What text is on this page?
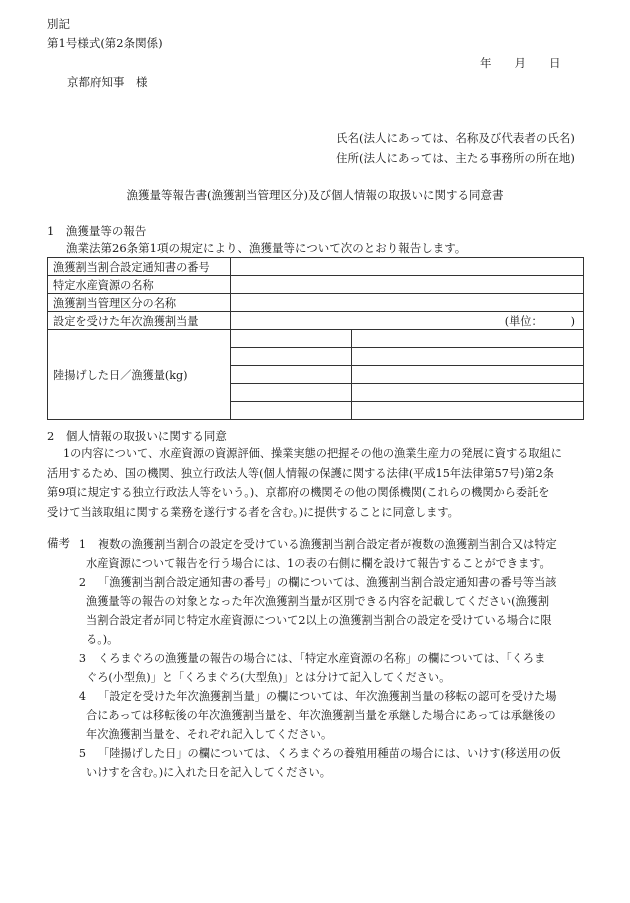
別記
第1号様式(第2条関係)
年　　月　　日
京都府知事　様
氏名(法人にあっては、名称及び代表者の氏名)
住所(法人にあっては、主たる事務所の所在地)
漁獲量等報告書(漁獲割当管理区分)及び個人情報の取扱いに関する同意書
1　漁獲量等の報告
漁業法第26条第1項の規定により、漁獲量等について次のとおり報告します。
漁獲割当割合設定通知書の番号		
特定水産資源の名称		
漁獲割当管理区分の名称		
設定を受けた年次漁獲割当量	(単位：　　　)	
陸揚げした日／漁獲量(kg)		

2　個人情報の取扱いに関する同意
1の内容について、水産資源の資源評価、操業実態の把握その他の漁業生産力の発展に資する取組に
活用するため、国の機関、独立行政法人等(個人情報の保護に関する法律(平成15年法律第57号)第2条
第9項に規定する独立行政法人等をいう。)、京都府の機関その他の関係機関(これらの機関から委託を
受けて当該取組に関する業務を遂行する者を含む。)に提供することに同意します。
備考 1	複数の漁獲割当割合の設定を受けている漁獲割当割合設定者が複数の漁獲割当割合又は特定
水産資源について報告を行う場合には、1の表の右側に欄を設けて報告することができます。
2	「漁獲割当割合設定通知書の番号」の欄については、漁獲割当割合設定通知書の番号等当該
漁獲量等の報告の対象となった年次漁獲割当量が区別できる内容を記載してください(漁獲割
当割合設定者が同じ特定水産資源について2以上の漁獲割当割合の設定を受けている場合に限
る。)。
3	くろまぐろの漁獲量の報告の場合には、「特定水産資源の名称」の欄については、「くろま
ぐろ(小型魚)」と「くろまぐろ(大型魚)」とは分けて記入してください。
4	「設定を受けた年次漁獲割当量」の欄については、年次漁獲割当量の移転の認可を受けた場
合にあっては移転後の年次漁獲割当量を、年次漁獲割当量を承継した場合にあっては承継後の
年次漁獲割当量を、それぞれ記入してください。
5	「陸揚げした日」の欄については、くろまぐろの養殖用種苗の場合には、いけす(移送用の仮
いけすを含む。)に入れた日を記入してください。
